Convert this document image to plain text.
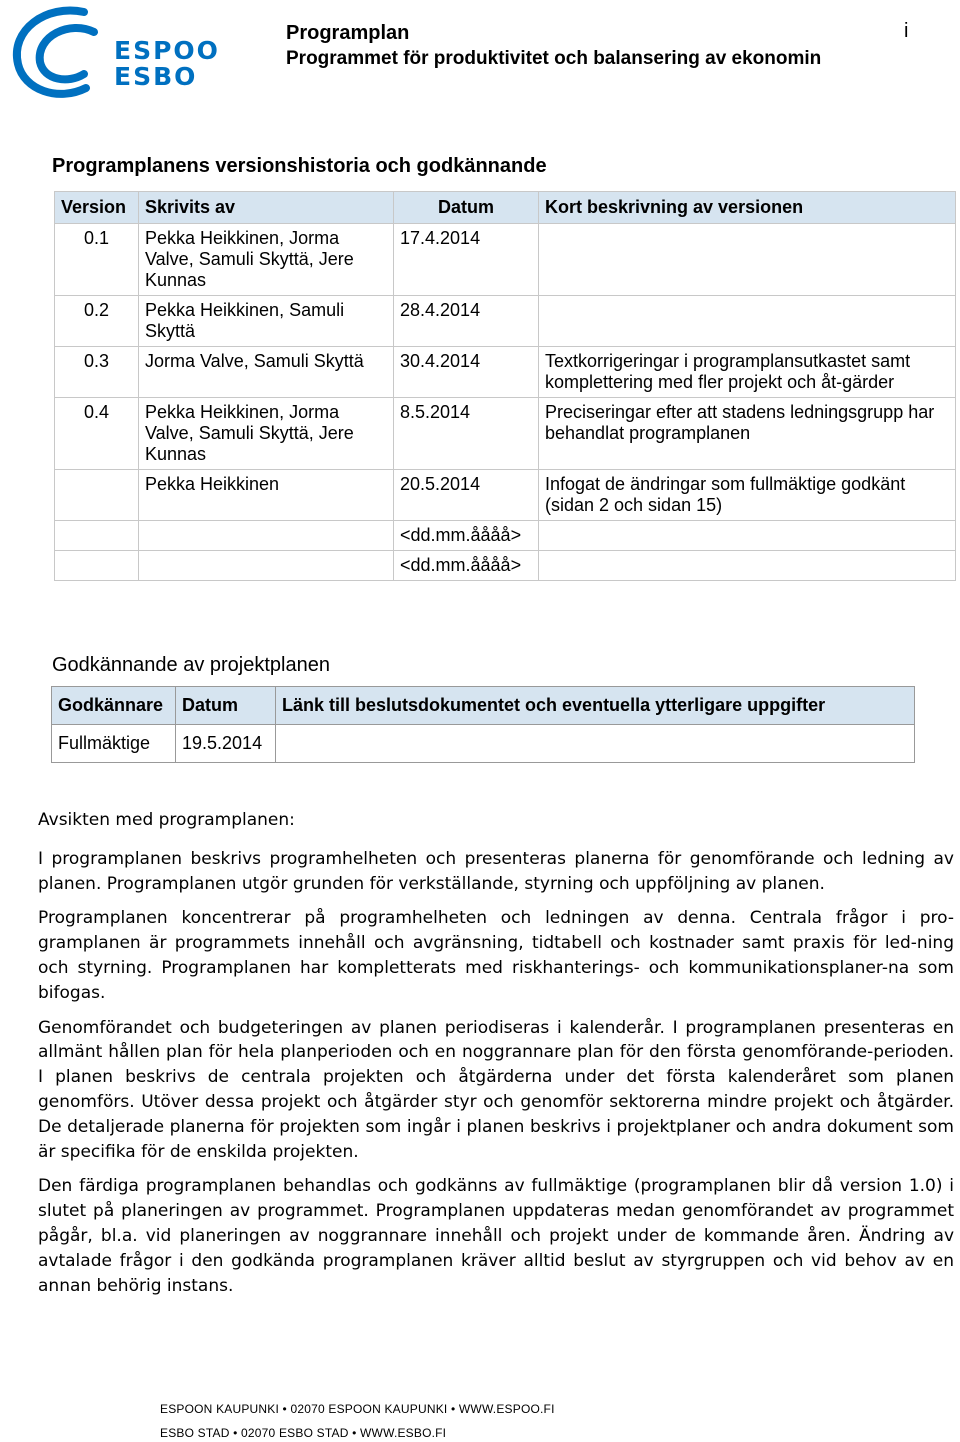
ESPOO
ESBO
Programplan
Programmet för produktivitet och balansering av ekonomin
i
Programplanens versionshistoria och godkännande
Version	Skrivits av	Datum	Kort beskrivning av versionen
0.1	Pekka Heikkinen, Jorma Valve, Samuli Skyttä, Jere Kunnas	17.4.2014	
0.2	Pekka Heikkinen, Samuli Skyttä	28.4.2014	
0.3	Jorma Valve, Samuli Skyttä	30.4.2014	Textkorrigeringar i programplansutkastet samt komplettering med fler projekt och åt-gärder
0.4	Pekka Heikkinen, Jorma Valve, Samuli Skyttä, Jere Kunnas	8.5.2014	Preciseringar efter att stadens ledningsgrupp har behandlat programplanen
	Pekka Heikkinen	20.5.2014	Infogat de ändringar som fullmäktige godkänt (sidan 2 och sidan 15)
		<dd.mm.åååå>	
		<dd.mm.åååå>	
Godkännande av projektplanen
Godkännare	Datum	Länk till beslutsdokumentet och eventuella ytterligare uppgifter
Fullmäktige	19.5.2014	
Avsikten med programplanen:

I programplanen beskrivs programhelheten och presenteras planerna för genomförande och ledning av planen. Programplanen utgör grunden för verkställande, styrning och uppföljning av planen.

Programplanen koncentrerar på programhelheten och ledningen av denna. Centrala frågor i pro-gramplanen är programmets innehåll och avgränsning, tidtabell och kostnader samt praxis för led-ning och styrning. Programplanen har kompletterats med riskhanterings- och kommunikationsplaner-na som bifogas.

Genomförandet och budgeteringen av planen periodiseras i kalenderår. I programplanen presenteras en allmänt hållen plan för hela planperioden och en noggrannare plan för den första genomförande-perioden. I planen beskrivs de centrala projekten och åtgärderna under det första kalenderåret som planen genomförs. Utöver dessa projekt och åtgärder styr och genomför sektorerna mindre projekt och åtgärder. De detaljerade planerna för projekten som ingår i planen beskrivs i projektplaner och andra dokument som är specifika för de enskilda projekten.

Den färdiga programplanen behandlas och godkänns av fullmäktige (programplanen blir då version 1.0) i slutet på planeringen av programmet. Programplanen uppdateras medan genomförandet av programmet pågår, bl.a. vid planeringen av noggrannare innehåll och projekt under de kommande åren. Ändring av avtalade frågor i den godkända programplanen kräver alltid beslut av styrgruppen och vid behov av en annan behörig instans.

ESPOON KAUPUNKI • 02070 ESPOON KAUPUNKI • WWW.ESPOO.FI
ESBO STAD • 02070 ESBO STAD • WWW.ESBO.FI
